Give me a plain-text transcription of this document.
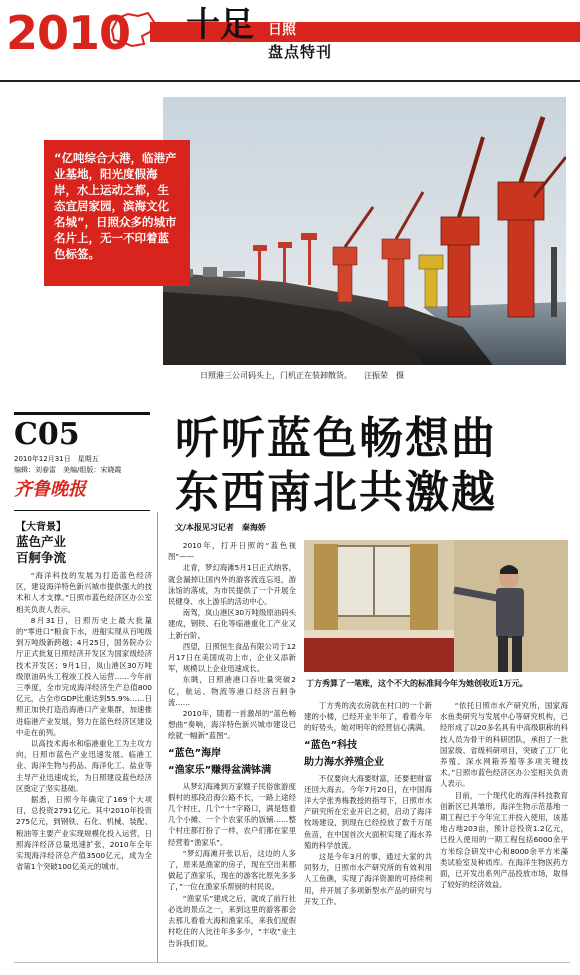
2010 十足 日照
盘点特刊
“亿吨综合大港，临港产业基地，阳光度假海岸，水上运动之都，生态宜居家园，滨海文化名城”，日照众多的城市名片上，无一不印着蓝色标签。
日照港三公司码头上，门机正在装卸散货。　　汪振荣　摄
C05
2010年12月31日　星期五
编辑：刘春雷　美编/组版：宋晓霞
齐鲁晚报
听听蓝色畅想曲
东西南北共激越
文/本报见习记者　秦海娇
【大背景】
蓝色产业
百舸争流

“海洋科技的发展为打造蓝色经济区，建设海洋特色新兴城市提供强大的技术和人才支撑。”日照市蓝色经济区办公室相关负责人表示。

8月31日，日照历史上最大批量的“零进口”粮食下水，进船实现从百吨级到万吨级新跨越；4月25日，国务院办公厅正式批复日照经济开发区为国家级经济技术开发区；9月1日，岚山港区30万吨级原油码头工程竣工投入运营……今年前三季度，全市完成海洋经济生产总值800亿元，占全市GDP比重达到55.9%……日照正加快打造沿海港口产业集群，加速推进临港产业发展，努力在蓝色经济区建设中走在前列。

以高技术海水和临港重化工为主攻方向，日照市蓝色产业迅速发展。临港工业、海洋生物与药品、海洋化工、盐业等主导产业迅速成长，为日照建设蓝色经济区奠定了坚实基础。

据悉，日照今年确定了169个大项目，总投资2791亿元。其中2010年投资275亿元，到钢铁、石化、机械、装配、粮油等主要产业实现规模化投入运营，日照海洋经济总量迅速扩张，2010年全年实现海洋经济总产值3500亿元，成为全省第1个突破100亿美元的城市。

2010年，打开日照的“蓝色视图”——

北青，梦幻海滩5月1日正式纳客，就会漏掉让国内外的游客流连忘返，游泳馆的落成，为市民提供了一个开展全民健身、水上游乐的活动中心。

南驾，岚山港区30万吨级原油码头建成，钢铁、石化等临港重化工产业又上新台阶。

西望，日照恒生食品有限公司于12月17日在美国成功上市，企业又添新军，规模以上企业迅速成长。

东眺，日照港港口吞吐量突破2亿，航运、物流等港口经济百舸争流……

2010年，随着一首激昂的“蓝色畅想曲”奏响，海洋特色新兴城市建设已绘就一幅新“蓝图”。

“蓝色”海岸
“渔家乐”赚得盆满钵满

从梦幻海滩到万家嫂子民俗旅游度假村的那段沿海公路不长，一路上途经几个村庄，几个“十”字路口，满是悠着几个小摊、一个个农家乐的饭铺……整个村庄都打扮了一样，农户们都在家里经营着“渔家乐”。

“梦幻海滩开张以后，这边的人多了，原来是渔家的房子，现在空出来都做起了渔家乐，现在的游客比原先多多了，”一位在渔家乐帮厨的村民说。

“渔家乐”建成之后，就成了前行社必选的景点之一，来到这里的游客都会去那儿看看大海和渔家乐，来我们度假村吃住的人比往年多多少，“丰收”业主告诉我们说。

丁方秀算了一笔账，这个不大的标准间今年为她创收近1万元。

丁方秀的洗衣房就在村口的一个新建的小楼，已经开业半年了，看着今年的好势头，她对明年的经营信心满满。

“蓝色”科技
助力海水养殖企业

不仅要向大海要财富，还要把财富还回大海去。今年7月20日，在中国海洋大学张秀梅教授的指导下，日照市水产研究所在宏业开启之初，启动了海洋牧场建设，到现在已经投放了数千万尾鱼苗，在中国首次大面积实现了海水养殖的科学放流。

这是今年3月的事，通过大家的共同努力，日照市水产研究所的有效利用人工鱼礁，实现了海洋资源的可持续利用，并开展了多项新型水产品的研究与开发工作。

“依托日照市水产研究所，国家海水鱼类研究与发展中心等研究机构，已经形成了以20多名具有中高级职称的科技人员为骨干的科研团队，承担了一批国家级、省级科研项目，突破了工厂化养殖、深水网箱养殖等多项关键技术。”日照市蓝色经济区办公室相关负责人表示。

目前，一个现代化的海洋科技教育创新区已具雏形。海洋生物示范基地一期工程已于今年完工并投入使用，该基地占地203亩，预计总投资1.2亿元，已投入使用的一期工程包括6000余平方米综合研发中心和8000余平方米藻类试验室及种质库。在海洋生物医药方面，已开发出系列产品投放市场，取得了较好的经济效益。
